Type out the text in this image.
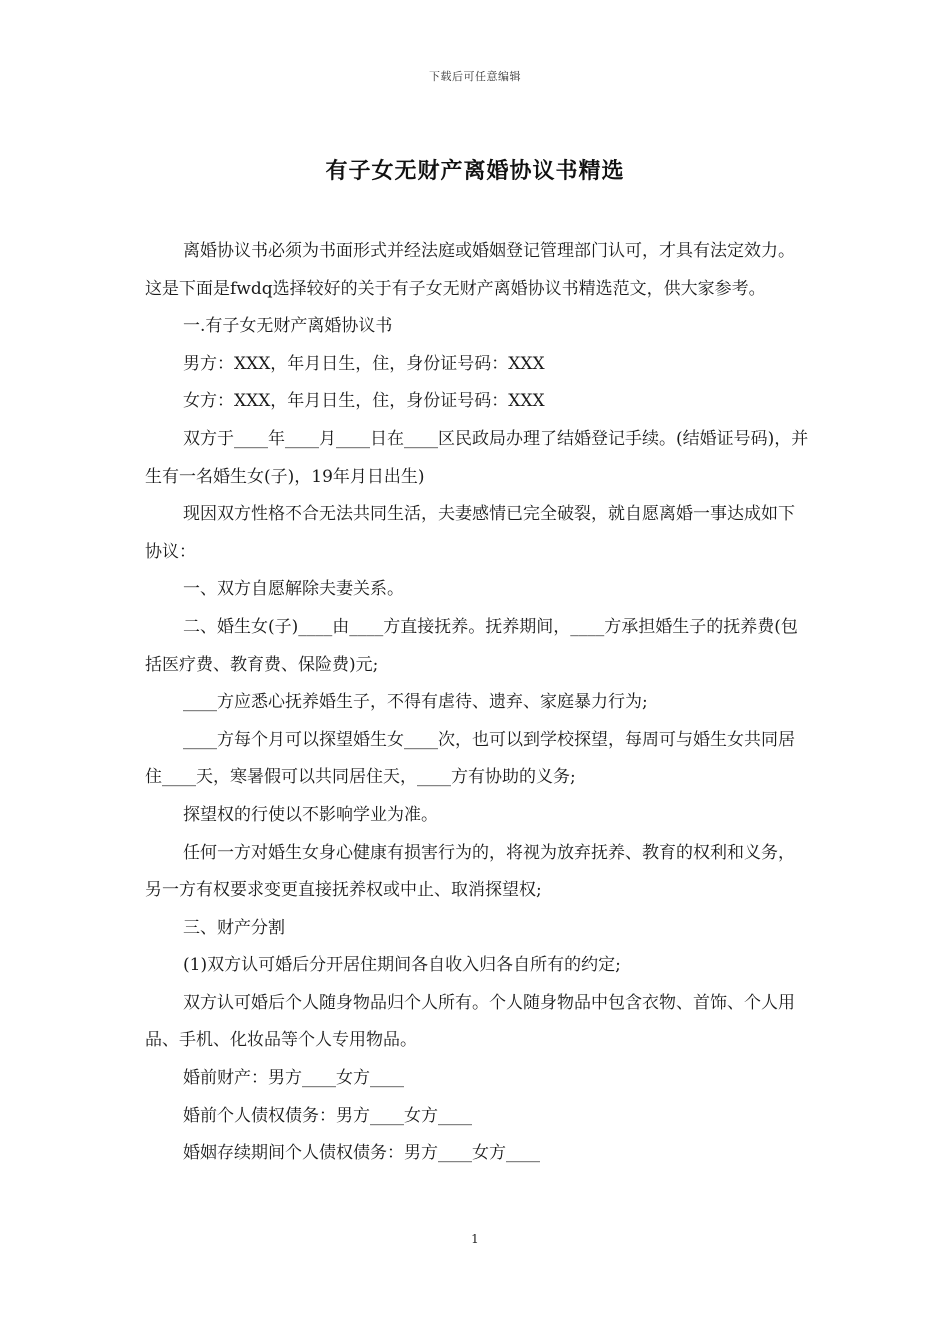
下载后可任意编辑
有子女无财产离婚协议书精选

离婚协议书必须为书面形式并经法庭或婚姻登记管理部门认可，才具有法定效力。这是下面是fwdq选择较好的关于有子女无财产离婚协议书精选范文，供大家参考。

一.有子女无财产离婚协议书

男方：XXX，年月日生，住，身份证号码：XXX

女方：XXX，年月日生，住，身份证号码：XXX

双方于____年____月____日在____区民政局办理了结婚登记手续。(结婚证号码)，并生有一名婚生女(子)，19年月日出生)

现因双方性格不合无法共同生活，夫妻感情已完全破裂，就自愿离婚一事达成如下协议：

一、双方自愿解除夫妻关系。

二、婚生女(子)____由____方直接抚养。抚养期间，____方承担婚生子的抚养费(包括医疗费、教育费、保险费)元;

____方应悉心抚养婚生子，不得有虐待、遗弃、家庭暴力行为;

____方每个月可以探望婚生女____次，也可以到学校探望，每周可与婚生女共同居住____天，寒暑假可以共同居住天，____方有协助的义务;

探望权的行使以不影响学业为准。

任何一方对婚生女身心健康有损害行为的，将视为放弃抚养、教育的权利和义务，另一方有权要求变更直接抚养权或中止、取消探望权;

三、财产分割

(1)双方认可婚后分开居住期间各自收入归各自所有的约定;

双方认可婚后个人随身物品归个人所有。个人随身物品中包含衣物、首饰、个人用品、手机、化妆品等个人专用物品。

婚前财产：男方____女方____

婚前个人债权债务：男方____女方____

婚姻存续期间个人债权债务：男方____女方____

1
